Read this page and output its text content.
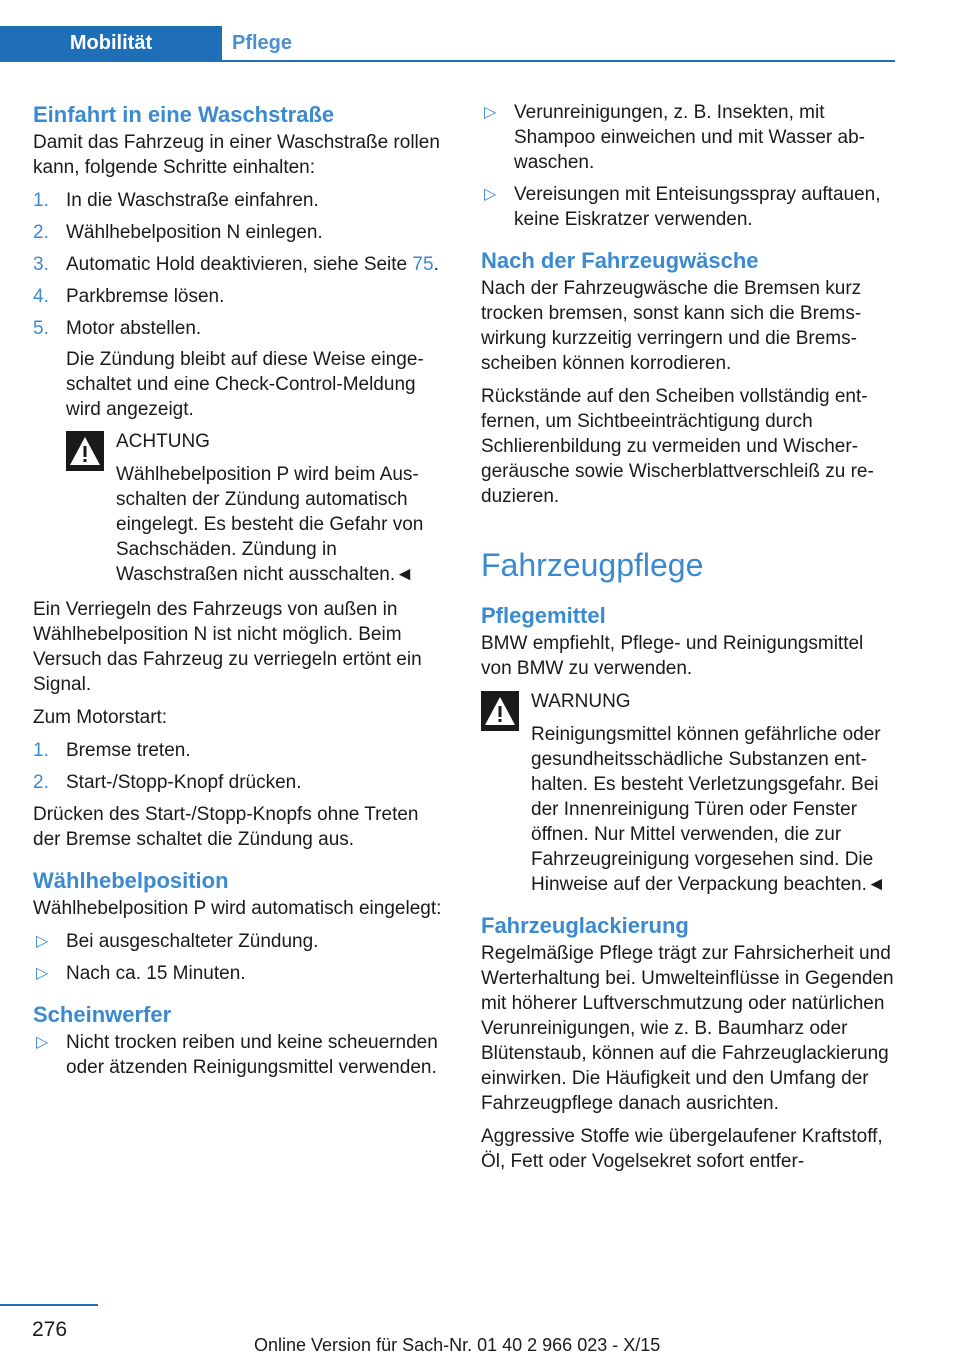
Mobilität	Pflege
Einfahrt in eine Waschstraße

Damit das Fahrzeug in einer Waschstraße rollen kann, folgende Schritte einhalten:

1. In die Waschstraße einfahren.
2. Wählhebelposition N einlegen.
3. Automatic Hold deaktivieren, siehe Seite 75.
4. Parkbremse lösen.
5. Motor abstellen.
Die Zündung bleibt auf diese Weise eingeschaltet und eine Check-Control-Meldung wird angezeigt.
ACHTUNG
Wählhebelposition P wird beim Ausschalten der Zündung automatisch eingelegt. Es besteht die Gefahr von Sachschäden. Zündung in Waschstraßen nicht ausschalten.◄

Ein Verriegeln des Fahrzeugs von außen in Wählhebelposition N ist nicht möglich. Beim Versuch das Fahrzeug zu verriegeln ertönt ein Signal.

Zum Motorstart:

1. Bremse treten.
2. Start-/Stopp-Knopf drücken.

Drücken des Start-/Stopp-Knopfs ohne Treten der Bremse schaltet die Zündung aus.

Wählhebelposition

Wählhebelposition P wird automatisch eingelegt:

▷ Bei ausgeschalteter Zündung.
▷ Nach ca. 15 Minuten.
Scheinwerfer
▷ Nicht trocken reiben und keine scheuernden oder ätzenden Reinigungsmittel verwenden.
▷ Verunreinigungen, z. B. Insekten, mit Shampoo einweichen und mit Wasser abwaschen.
▷ Vereisungen mit Enteisungsspray auftauen, keine Eiskratzer verwenden.
Nach der Fahrzeugwäsche

Nach der Fahrzeugwäsche die Bremsen kurz trocken bremsen, sonst kann sich die Bremswirkung kurzzeitig verringern und die Bremsscheiben können korrodieren.

Rückstände auf den Scheiben vollständig entfernen, um Sichtbeeinträchtigung durch Schlierenbildung zu vermeiden und Wischergeräusche sowie Wischerblattverschleiß zu reduzieren.

Fahrzeugpflege
Pflegemittel

BMW empfiehlt, Pflege- und Reinigungsmittel von BMW zu verwenden.

WARNUNG
Reinigungsmittel können gefährliche oder gesundheitsschädliche Substanzen enthalten. Es besteht Verletzungsgefahr. Bei der Innenreinigung Türen oder Fenster öffnen. Nur Mittel verwenden, die zur Fahrzeugreinigung vorgesehen sind. Die Hinweise auf der Verpackung beachten.◄
Fahrzeuglackierung

Regelmäßige Pflege trägt zur Fahrsicherheit und Werterhaltung bei. Umwelteinflüsse in Gegenden mit höherer Luftverschmutzung oder natürlichen Verunreinigungen, wie z. B. Baumharz oder Blütenstaub, können auf die Fahrzeuglackierung einwirken. Die Häufigkeit und den Umfang der Fahrzeugpflege danach ausrichten.

Aggressive Stoffe wie übergelaufener Kraftstoff, Öl, Fett oder Vogelsekret sofort entfer-

276
Online Version für Sach-Nr. 01 40 2 966 023 - X/15
